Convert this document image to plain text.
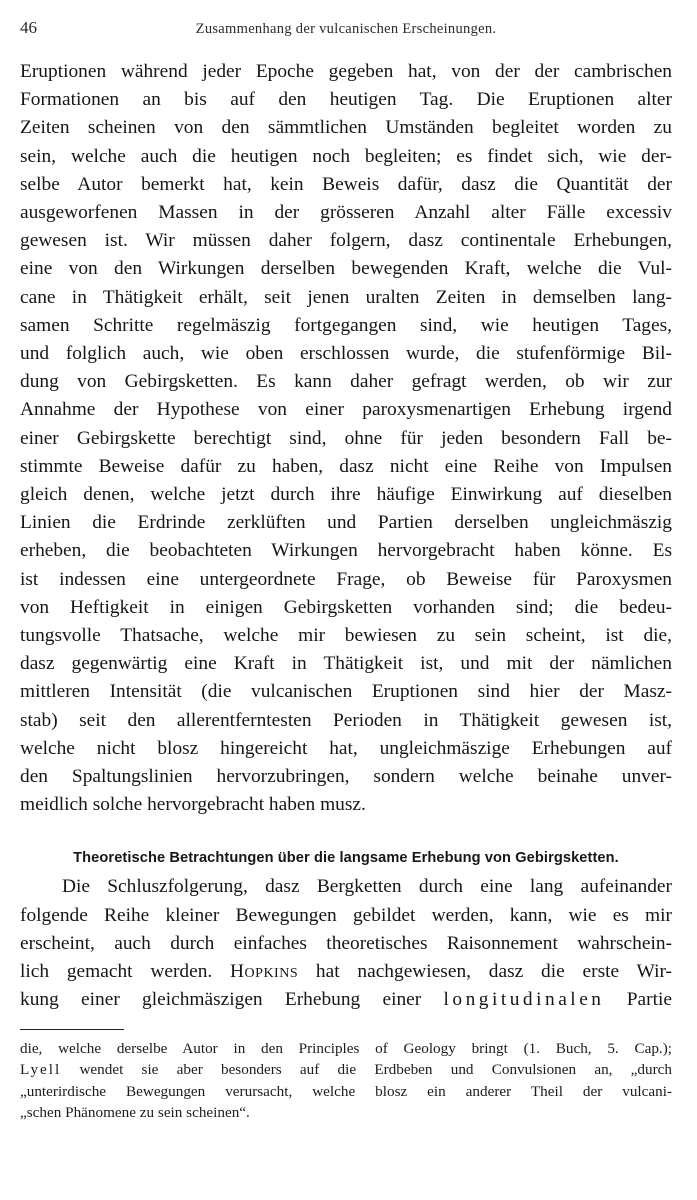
46	Zusammenhang der vulcanischen Erscheinungen.
Eruptionen während jeder Epoche gegeben hat, von der der cambrischen
Formationen an bis auf den heutigen Tag. Die Eruptionen alter
Zeiten scheinen von den sämmtlichen Umständen begleitet worden zu
sein, welche auch die heutigen noch begleiten; es findet sich, wie der-
selbe Autor bemerkt hat, kein Beweis dafür, dasz die Quantität der
ausgeworfenen Massen in der grösseren Anzahl alter Fälle excessiv
gewesen ist. Wir müssen daher folgern, dasz continentale Erhebungen,
eine von den Wirkungen derselben bewegenden Kraft, welche die Vul-
cane in Thätigkeit erhält, seit jenen uralten Zeiten in demselben lang-
samen Schritte regelmäszig fortgegangen sind, wie heutigen Tages,
und folglich auch, wie oben erschlossen wurde, die stufenförmige Bil-
dung von Gebirgsketten. Es kann daher gefragt werden, ob wir zur
Annahme der Hypothese von einer paroxysmenartigen Erhebung irgend
einer Gebirgskette berechtigt sind, ohne für jeden besondern Fall be-
stimmte Beweise dafür zu haben, dasz nicht eine Reihe von Impulsen
gleich denen, welche jetzt durch ihre häufige Einwirkung auf dieselben
Linien die Erdrinde zerklüften und Partien derselben ungleichmäszig
erheben, die beobachteten Wirkungen hervorgebracht haben könne. Es
ist indessen eine untergeordnete Frage, ob Beweise für Paroxysmen
von Heftigkeit in einigen Gebirgsketten vorhanden sind; die bedeu-
tungsvolle Thatsache, welche mir bewiesen zu sein scheint, ist die,
dasz gegenwärtig eine Kraft in Thätigkeit ist, und mit der nämlichen
mittleren Intensität (die vulcanischen Eruptionen sind hier der Masz-
stab) seit den allerentferntesten Perioden in Thätigkeit gewesen ist,
welche nicht blosz hingereicht hat, ungleichmäszige Erhebungen auf
den Spaltungslinien hervorzubringen, sondern welche beinahe unver-
meidlich solche hervorgebracht haben musz.
Theoretische Betrachtungen über die langsame Erhebung von Gebirgsketten.
Die Schluszfolgerung, dasz Bergketten durch eine lang aufeinander
folgende Reihe kleiner Bewegungen gebildet werden, kann, wie es mir
erscheint, auch durch einfaches theoretisches Raisonnement wahrschein-
lich gemacht werden. Hopkins hat nachgewiesen, dasz die erste Wir-
kung einer gleichmäszigen Erhebung einer longitudinalen Partie
die, welche derselbe Autor in den Principles of Geology bringt (1. Buch, 5. Cap.);
Lyell wendet sie aber besonders auf die Erdbeben und Convulsionen an, „durch
„unterirdische Bewegungen verursacht, welche blosz ein anderer Theil der vulcani-
„schen Phänomene zu sein scheinen“.
